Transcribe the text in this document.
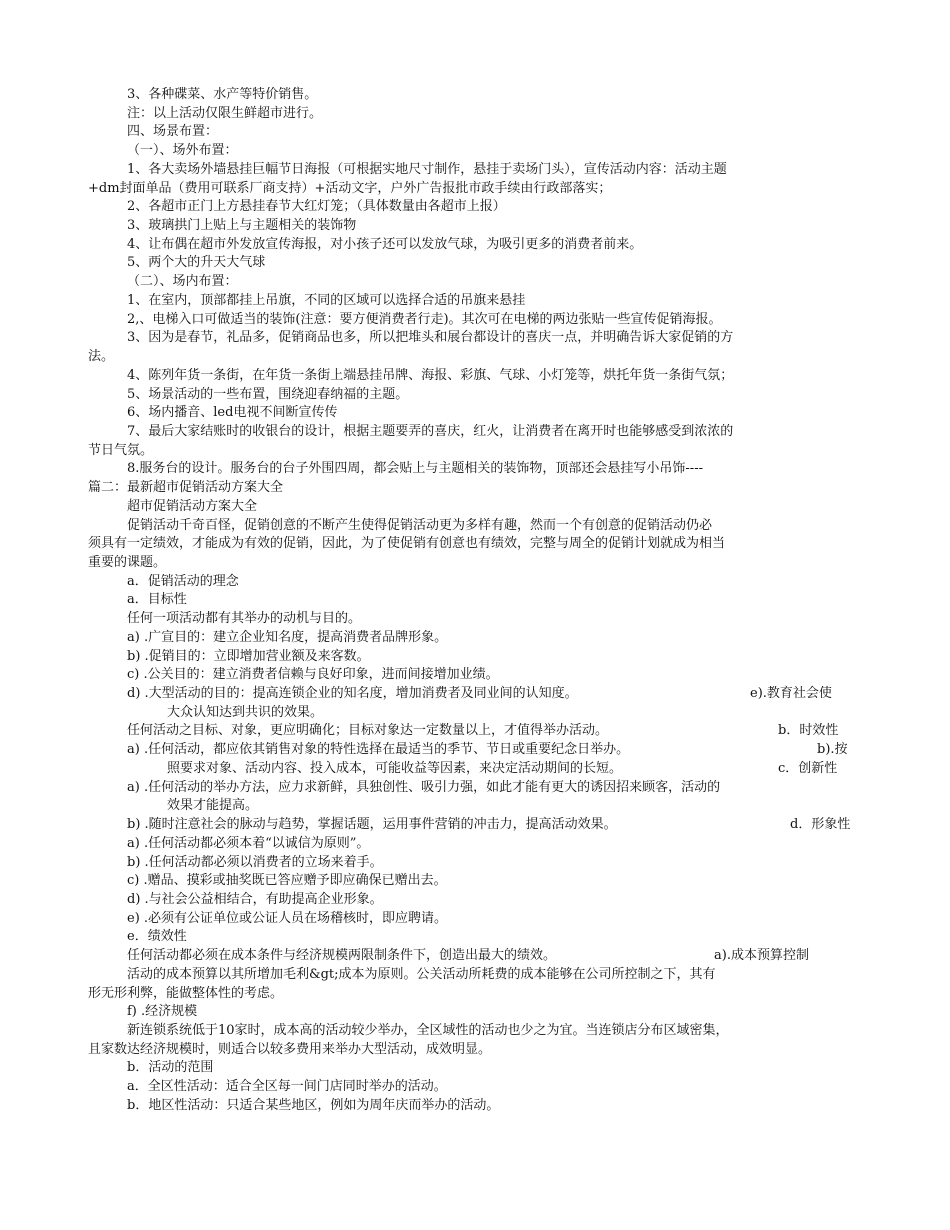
3、各种碟菜、水产等特价销售。
注：以上活动仅限生鲜超市进行。
四、场景布置：
（一）、场外布置：
1、各大卖场外墙悬挂巨幅节日海报（可根据实地尺寸制作，悬挂于卖场门头），宣传活动内容：活动主题
+dm封面单品（费用可联系厂商支持）+活动文字，户外广告报批市政手续由行政部落实；
2、各超市正门上方悬挂春节大红灯笼；（具体数量由各超市上报）
3、玻璃拱门上贴上与主题相关的装饰物
4、让布偶在超市外发放宣传海报，对小孩子还可以发放气球，为吸引更多的消费者前来。
5、两个大的升天大气球
（二）、场内布置：
1、在室内，顶部都挂上吊旗，不同的区域可以选择合适的吊旗来悬挂
2,、电梯入口可做适当的装饰(注意：要方便消费者行走)。其次可在电梯的两边张贴一些宣传促销海报。
3、因为是春节，礼品多，促销商品也多，所以把堆头和展台都设计的喜庆一点，并明确告诉大家促销的方
法。
4、陈列年货一条街，在年货一条街上端悬挂吊牌、海报、彩旗、气球、小灯笼等，烘托年货一条街气氛；
5、场景活动的一些布置，围绕迎春纳福的主题。
6、场内播音、led电视不间断宣传传
7、最后大家结账时的收银台的设计，根据主题要弄的喜庆，红火，让消费者在离开时也能够感受到浓浓的
节日气氛。
8.服务台的设计。服务台的台子外围四周，都会贴上与主题相关的装饰物，顶部还会悬挂写小吊饰----
篇二：最新超市促销活动方案大全
超市促销活动方案大全
促销活动千奇百怪，促销创意的不断产生使得促销活动更为多样有趣，然而一个有创意的促销活动仍必
须具有一定绩效，才能成为有效的促销，因此，为了使促销有创意也有绩效，完整与周全的促销计划就成为相当
重要的课题。
a．促销活动的理念
a．目标性
任何一项活动都有其举办的动机与目的。
a) .广宣目的：建立企业知名度，提高消费者品牌形象。
b) .促销目的：立即增加营业额及来客数。
c) .公关目的：建立消费者信赖与良好印象，进而间接增加业绩。
d) .大型活动的目的：提高连锁企业的知名度，增加消费者及同业间的认知度。	e).教育社会使
大众认知达到共识的效果。
任何活动之目标、对象，更应明确化；目标对象达一定数量以上，才值得举办活动。	b．时效性
a) .任何活动，都应依其销售对象的特性选择在最适当的季节、节日或重要纪念日举办。	b).按
照要求对象、活动内容、投入成本，可能收益等因素，来决定活动期间的长短。	c．创新性
a) .任何活动的举办方法，应力求新鲜，具独创性、吸引力强，如此才能有更大的诱因招来顾客，活动的
效果才能提高。
b) .随时注意社会的脉动与趋势，掌握话题，运用事件营销的冲击力，提高活动效果。	d．形象性
a) .任何活动都必须本着“以诚信为原则”。
b) .任何活动都必须以消费者的立场来着手。
c) .赠品、摸彩或抽奖既已答应赠予即应确保已赠出去。
d) .与社会公益相结合，有助提高企业形象。
e) .必须有公证单位或公证人员在场稽核时，即应聘请。
e．绩效性
任何活动都必须在成本条件与经济规模两限制条件下，创造出最大的绩效。	a).成本预算控制
活动的成本预算以其所增加毛利&gt;成本为原则。公关活动所耗费的成本能够在公司所控制之下，其有
形无形利弊，能做整体性的考虑。
f) .经济规模
新连锁系统低于10家时，成本高的活动较少举办，全区域性的活动也少之为宜。当连锁店分布区域密集，
且家数达经济规模时，则适合以较多费用来举办大型活动，成效明显。
b．活动的范围
a．全区性活动：适合全区每一间门店同时举办的活动。
b．地区性活动：只适合某些地区，例如为周年庆而举办的活动。
